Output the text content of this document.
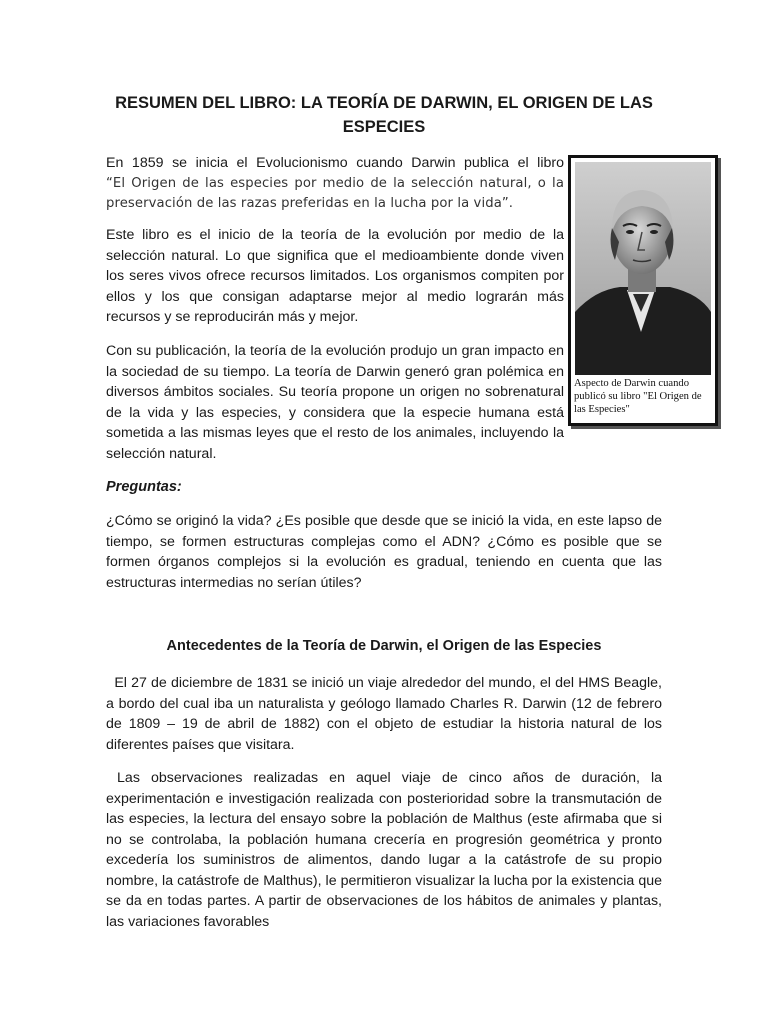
RESUMEN DEL LIBRO: LA TEORÍA DE DARWIN, EL ORIGEN DE LAS ESPECIES

En 1859 se inicia el Evolucionismo cuando Darwin publica el libro
“El Origen de las especies por medio de la selección natural, o la
preservación de las razas preferidas en la lucha por la vida”.

Este libro es el inicio de la teoría de la evolución por medio de la selección natural. Lo que significa que el medioambiente donde viven los seres vivos ofrece recursos limitados. Los organismos compiten por ellos y los que consigan adaptarse mejor al medio lograrán más recursos y se reproducirán más y mejor.

Con su publicación, la teoría de la evolución produjo un gran impacto en la sociedad de su tiempo. La teoría de Darwin generó gran polémica en diversos ámbitos sociales. Su teoría propone un origen no sobrenatural de la vida y las especies, y considera que la especie humana está sometida a las mismas leyes que el resto de los animales, incluyendo la selección natural.

Aspecto de Darwin cuando publicó su libro "El Origen de las Especies"

Preguntas:

¿Cómo se originó la vida? ¿Es posible que desde que se inició la vida, en este lapso de tiempo, se formen estructuras complejas como el ADN? ¿Cómo es posible que se formen órganos complejos si la evolución es gradual, teniendo en cuenta que las estructuras intermedias no serían útiles?

Antecedentes de la Teoría de Darwin, el Origen de las Especies

El 27 de diciembre de 1831 se inició un viaje alrededor del mundo, el del HMS Beagle, a bordo del cual iba un naturalista y geólogo llamado Charles R. Darwin (12 de febrero de 1809 – 19 de abril de 1882) con el objeto de estudiar la historia natural de los diferentes países que visitara.

Las observaciones realizadas en aquel viaje de cinco años de duración, la experimentación e investigación realizada con posterioridad sobre la transmutación de las especies, la lectura del ensayo sobre la población de Malthus (este afirmaba que si no se controlaba, la población humana crecería en progresión geométrica y pronto excedería los suministros de alimentos, dando lugar a la catástrofe de su propio nombre, la catástrofe de Malthus), le permitieron visualizar la lucha por la existencia que se da en todas partes. A partir de observaciones de los hábitos de animales y plantas, las variaciones favorables
